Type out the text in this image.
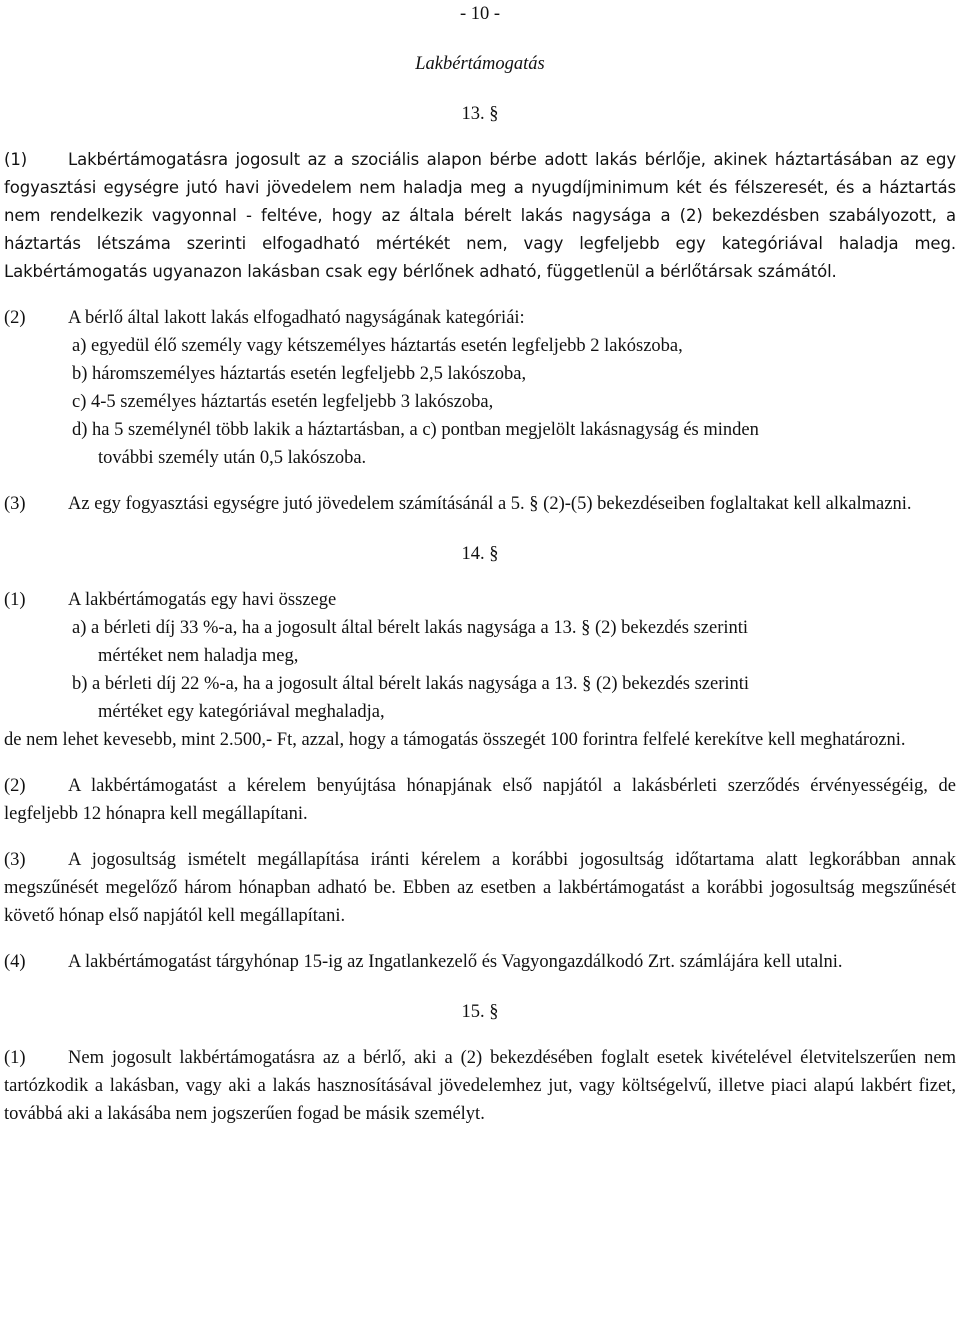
- 10 -
Lakbértámogatás
13. §

(1) Lakbértámogatásra jogosult az a szociális alapon bérbe adott lakás bérlője, akinek háztartásában az egy fogyasztási egységre jutó havi jövedelem nem haladja meg a nyugdíjminimum két és félszeresét, és a háztartás nem rendelkezik vagyonnal - feltéve, hogy az általa bérelt lakás nagysága a (2) bekezdésben szabályozott, a háztartás létszáma szerinti elfogadható mértékét nem, vagy legfeljebb egy kategóriával haladja meg. Lakbértámogatás ugyanazon lakásban csak egy bérlőnek adható, függetlenül a bérlőtársak számától.

(2) A bérlő által lakott lakás elfogadható nagyságának kategóriái:
a) egyedül élő személy vagy kétszemélyes háztartás esetén legfeljebb 2 lakószoba,
b) háromszemélyes háztartás esetén legfeljebb 2,5 lakószoba,
c) 4-5 személyes háztartás esetén legfeljebb 3 lakószoba,
d) ha 5 személynél több lakik a háztartásban, a c) pontban megjelölt lakásnagyság és minden
további személy után 0,5 lakószoba.

(3) Az egy fogyasztási egységre jutó jövedelem számításánál a 5. § (2)-(5) bekezdéseiben foglaltakat kell alkalmazni.

14. §
(1) A lakbértámogatás egy havi összege
a) a bérleti díj 33 %-a, ha a jogosult által bérelt lakás nagysága a 13. § (2) bekezdés szerinti
mértéket nem haladja meg,
b) a bérleti díj 22 %-a, ha a jogosult által bérelt lakás nagysága a 13. § (2) bekezdés szerinti
mértéket egy kategóriával meghaladja,

de nem lehet kevesebb, mint 2.500,- Ft, azzal, hogy a támogatás összegét 100 forintra felfelé kerekítve kell meghatározni.

(2) A lakbértámogatást a kérelem benyújtása hónapjának első napjától a lakásbérleti szerződés érvényességéig, de legfeljebb 12 hónapra kell megállapítani.

(3) A jogosultság ismételt megállapítása iránti kérelem a korábbi jogosultság időtartama alatt legkorábban annak megszűnését megelőző három hónapban adható be. Ebben az esetben a lakbértámogatást a korábbi jogosultság megszűnését követő hónap első napjától kell megállapítani.

(4) A lakbértámogatást tárgyhónap 15-ig az Ingatlankezelő és Vagyongazdálkodó Zrt. számlájára kell utalni.

15. §

(1) Nem jogosult lakbértámogatásra az a bérlő, aki a (2) bekezdésében foglalt esetek kivételével életvitelszerűen nem tartózkodik a lakásban, vagy aki a lakás hasznosításával jövedelemhez jut, vagy költségelvű, illetve piaci alapú lakbért fizet, továbbá aki a lakásába nem jogszerűen fogad be másik személyt.
